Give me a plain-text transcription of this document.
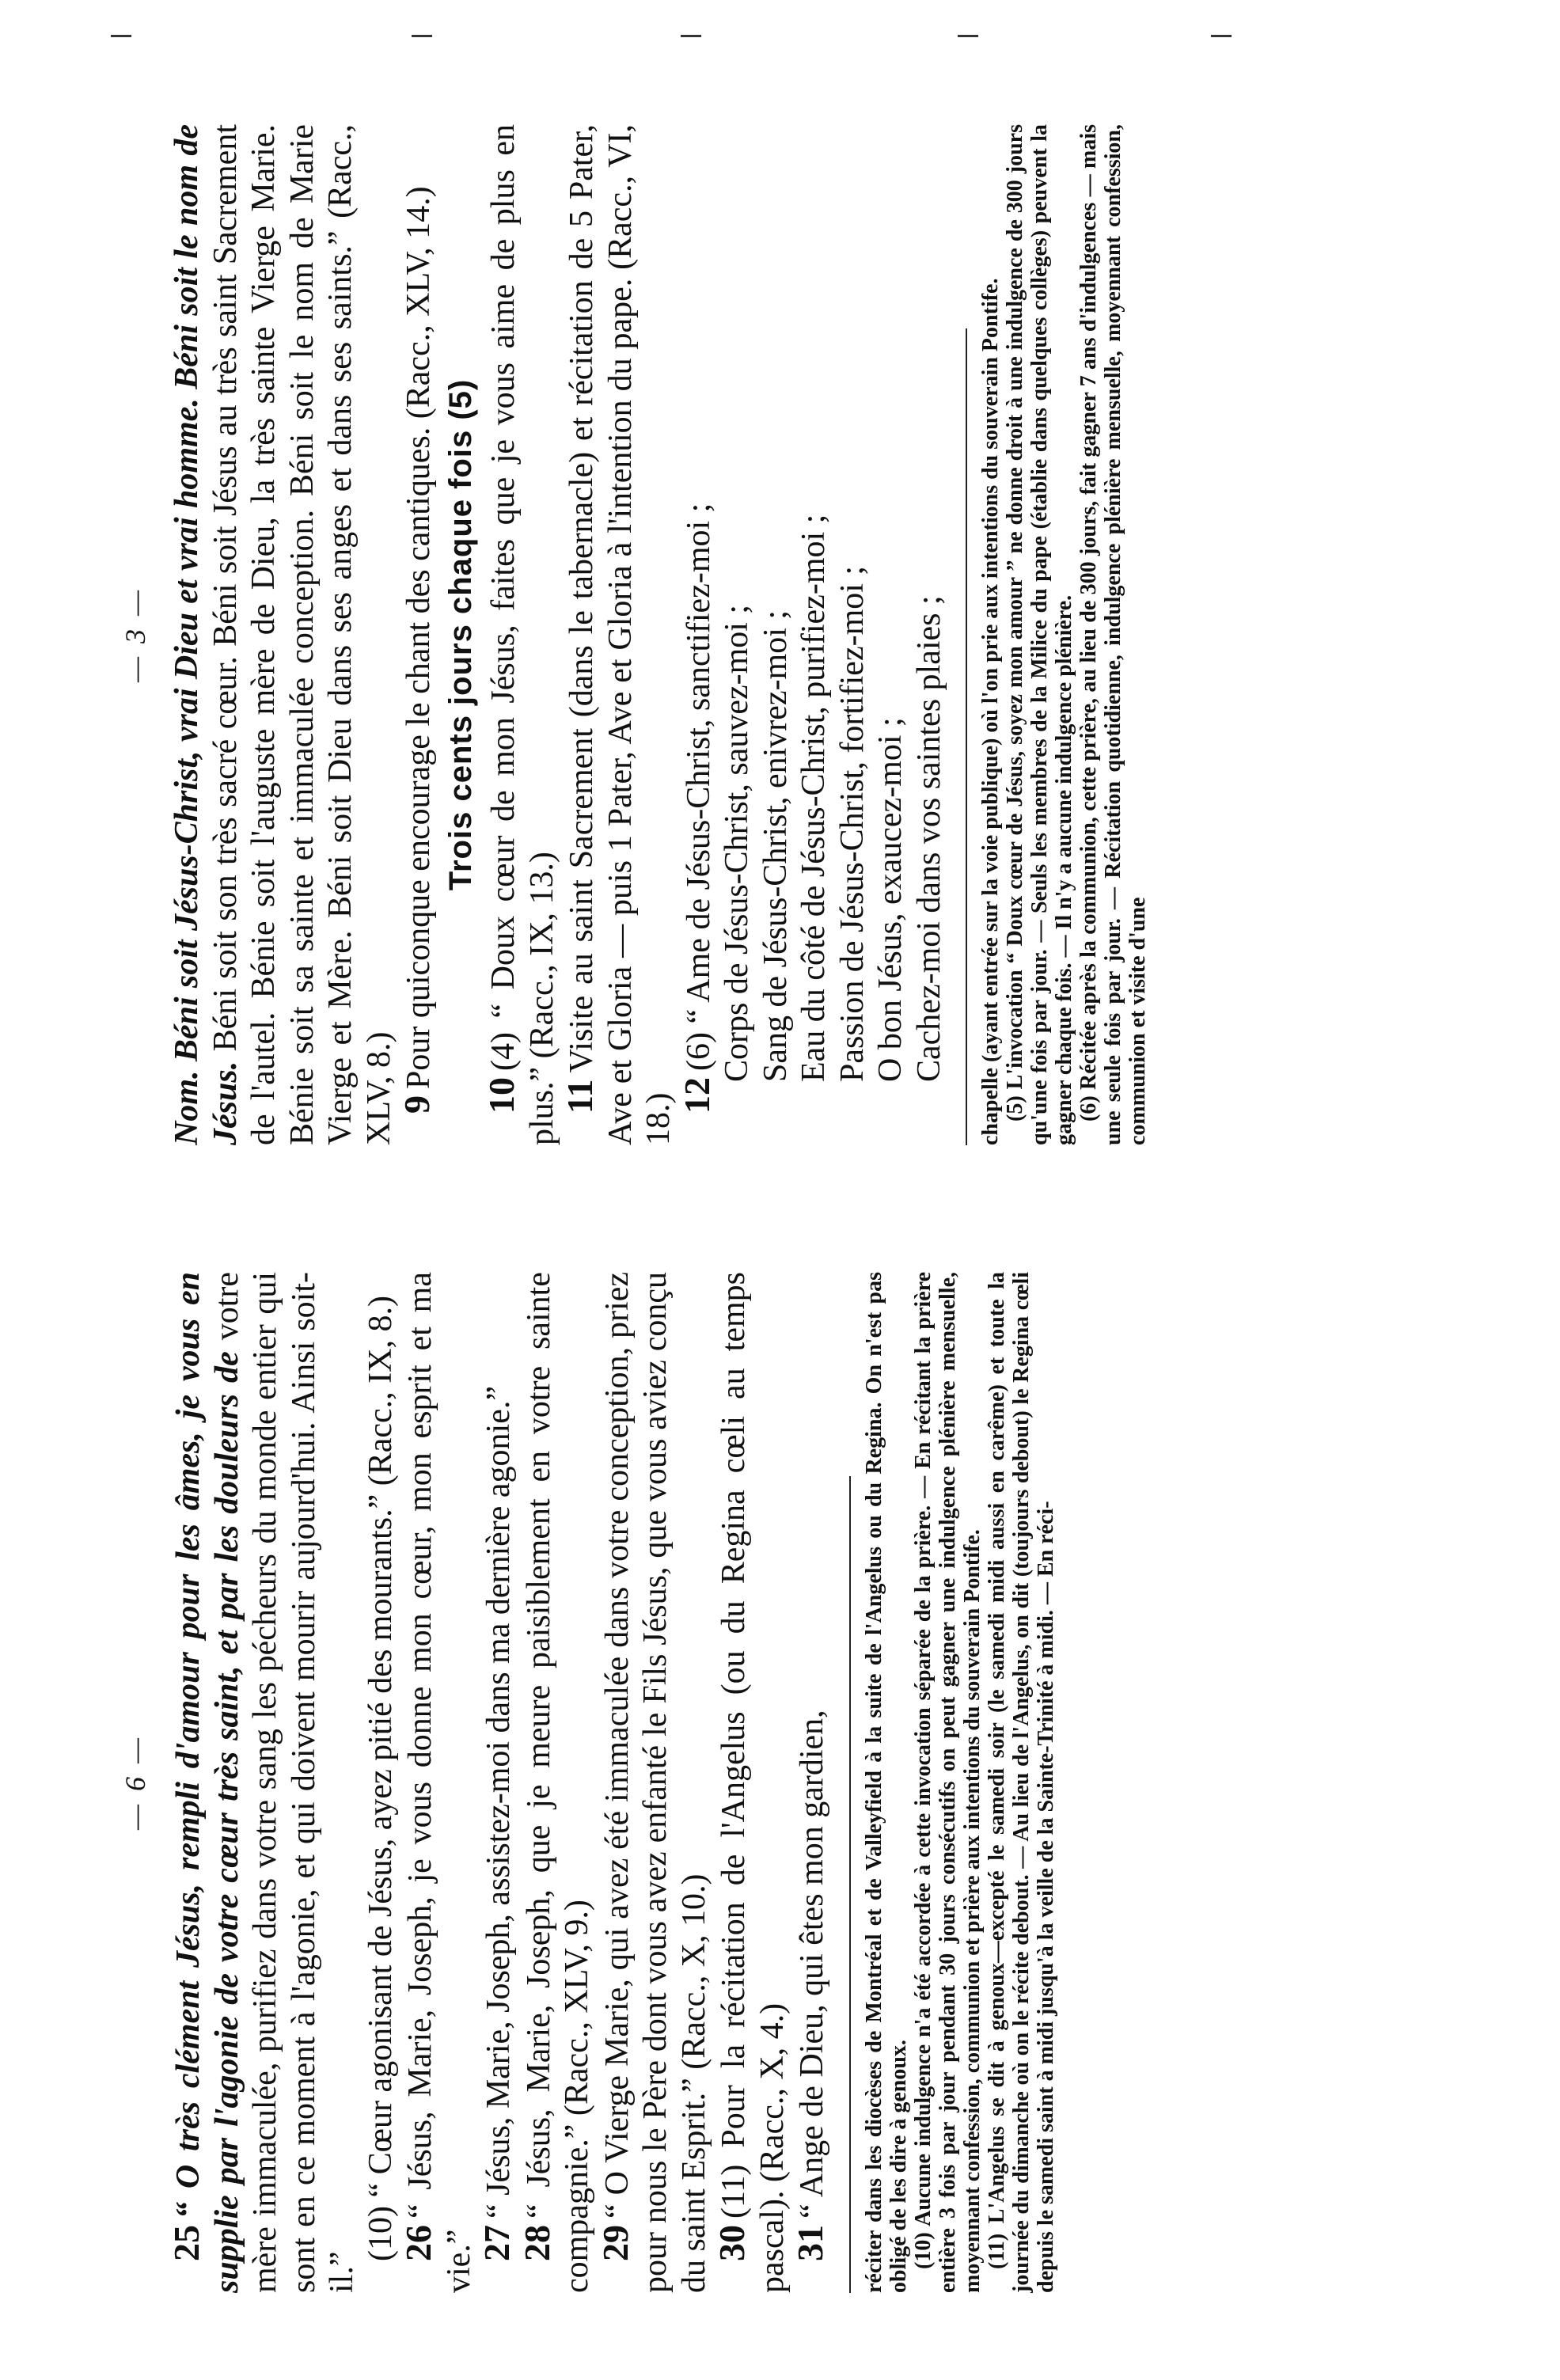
— 6 —

25“ O très clément Jésus, rempli d'amour pour les âmes, je vous en supplie par l'agonie de votre cœur très saint, et par les douleurs de votre mère immaculée, purifiez dans votre sang les pécheurs du monde entier qui sont en ce moment à l'agonie, et qui doivent mourir aujourd'hui. Ainsi soit-il.”

(10) “ Cœur agonisant de Jésus, ayez pitié des mourants.” (Racc., IX, 8.) 26“ Jésus, Marie, Joseph, je vous donne mon cœur, mon esprit et ma vie.” 27“ Jésus, Marie, Joseph, assistez-moi dans ma dernière agonie.”

28“ Jésus, Marie, Joseph, que je meure paisiblement en votre sainte compagnie.” (Racc., XLV, 9.) 29“ O Vierge Marie, qui avez été immaculée dans votre conception, priez pour nous le Père dont vous avez enfanté le Fils Jésus, que vous aviez conçu du saint Esprit.” (Racc., X, 10.) 30(11) Pour la récitation de l'Angelus (ou du Regina cœli au temps pascal). (Racc., X, 4.) 31“ Ange de Dieu, qui êtes mon gardien, réciter dans les diocèses de Montréal et de Valleyfield à la suite de l'Angelus ou du Regina. On n'est pas obligé de les dire à genoux. (10) Aucune indulgence n'a été accordée à cette invocation séparée de la prière. — En récitant la prière entière 3 fois par jour pendant 30 jours consécutifs on peut gagner une indulgence plénière mensuelle, moyennant confession, communion et prière aux intentions du souverain Pontife. (11) L'Angelus se dit à genoux—excepté le samedi soir (le samedi midi aussi en carême) et toute la journée du dimanche où on le récite debout. — Au lieu de l'Angelus, on dit (toujours debout) le Regina cœli depuis le samedi saint à midi jusqu'à la veille de la Sainte-Trinité à midi. — En réci-

— 3 — Nom. Béni soit Jésus-Christ, vrai Dieu et vrai homme. Béni soit le nom de Jésus. Béni soit son très sacré cœur. Béni soit Jésus au très saint Sacrement de l'autel. Bénie soit l'auguste mère de Dieu, la très sainte Vierge Marie. Bénie soit sa sainte et immaculée conception. Béni soit le nom de Marie Vierge et Mère. Béni soit Dieu dans ses anges et dans ses saints.” (Racc., XLV, 8.) 9Pour quiconque encourage le chant des cantiques. (Racc., XLV, 14.) Trois cents jours chaque fois (5)

10(4) “ Doux cœur de mon Jésus, faites que je vous aime de plus en plus.” (Racc., IX, 13.) 11Visite au saint Sacrement (dans le tabernacle) et récitation de 5 Pater, Ave et Gloria — puis 1 Pater, Ave et Gloria à l'intention du pape. (Racc., VI, 18.) 12(6) “ Ame de Jésus-Christ, sanctifiez-moi ; Corps de Jésus-Christ, sauvez-moi ; Sang de Jésus-Christ, enivrez-moi ; Eau du côté de Jésus-Christ, purifiez-moi ; Passion de Jésus-Christ, fortifiez-moi ; O bon Jésus, exaucez-moi ; Cachez-moi dans vos saintes plaies ; chapelle (ayant entrée sur la voie publique) où l'on prie aux intentions du souverain Pontife. (5) L'invocation “ Doux cœur de Jésus, soyez mon amour ” ne donne droit à une indulgence de 300 jours qu'une fois par jour. — Seuls les membres de la Milice du pape (établie dans quelques collèges) peuvent la gagner chaque fois. — Il n'y a aucune indulgence plénière. (6) Récitée après la communion, cette prière, au lieu de 300 jours, fait gagner 7 ans d'indulgences — mais une seule fois par jour. — Récitation quotidienne, indulgence plénière mensuelle, moyennant confession, communion et visite d'une
